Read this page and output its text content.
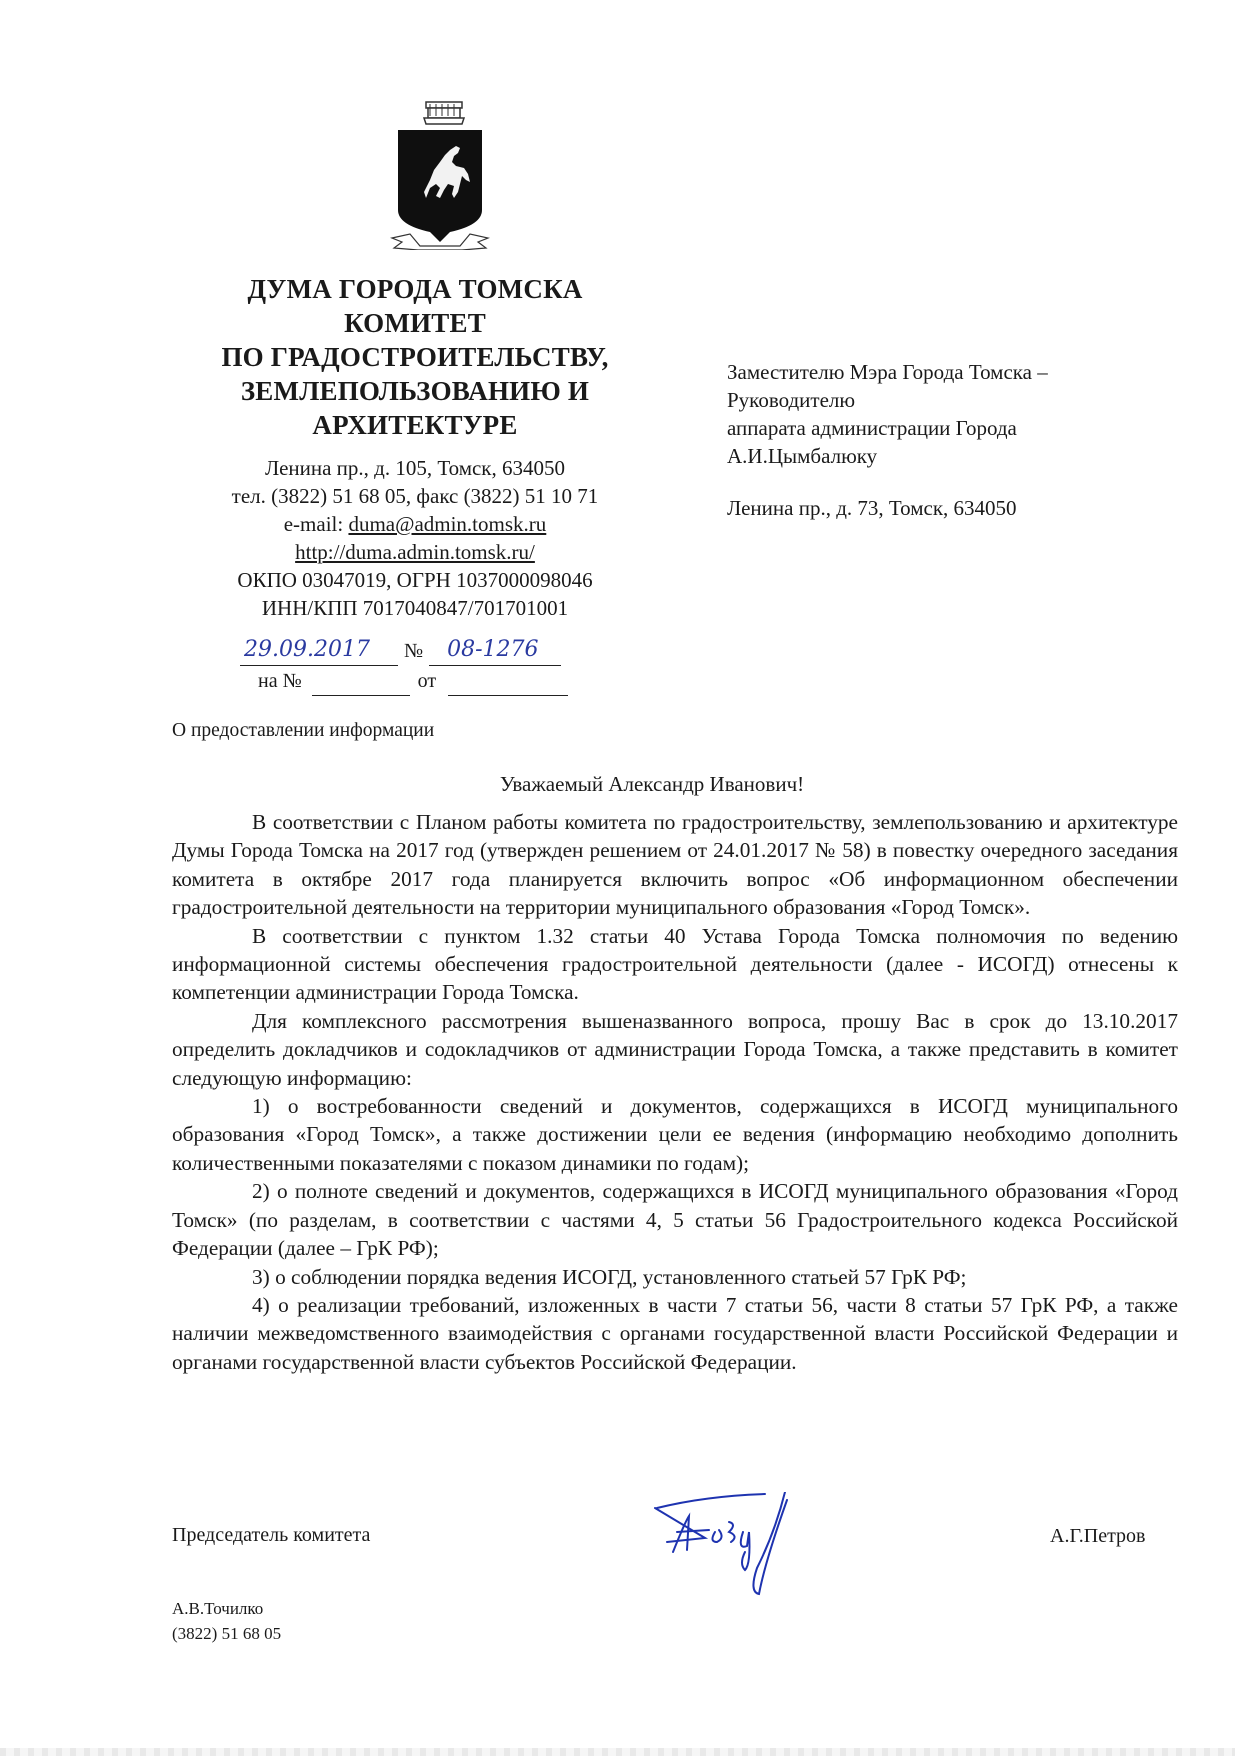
ДУМА ГОРОДА ТОМСКА
КОМИТЕТ
ПО ГРАДОСТРОИТЕЛЬСТВУ,
ЗЕМЛЕПОЛЬЗОВАНИЮ И
АРХИТЕКТУРЕ
Ленина пр., д. 105, Томск, 634050
тел. (3822) 51 68 05, факс (3822) 51 10 71
e-mail: duma@admin.tomsk.ru
http://duma.admin.tomsk.ru/
ОКПО 03047019, ОГРН 1037000098046
ИНН/КПП 7017040847/701701001
29.09.2017 № 08-1276
на №	от
Заместителю Мэра Города Томска –
Руководителю
аппарата администрации Города
А.И.Цымбалюку
Ленина пр., д. 73, Томск, 634050
О предоставлении информации
Уважаемый Александр Иванович!

В соответствии с Планом работы комитета по градостроительству, землепользованию и архитектуре Думы Города Томска на 2017 год (утвержден решением от 24.01.2017 № 58) в повестку очередного заседания комитета в октябре 2017 года планируется включить вопрос «Об информационном обеспечении градостроительной деятельности на территории муниципального образования «Город Томск».

В соответствии с пунктом 1.32 статьи 40 Устава Города Томска полномочия по ведению информационной системы обеспечения градостроительной деятельности (далее - ИСОГД) отнесены к компетенции администрации Города Томска.

Для комплексного рассмотрения вышеназванного вопроса, прошу Вас в срок до 13.10.2017 определить докладчиков и содокладчиков от администрации Города Томска, а также представить в комитет следующую информацию:

1) о востребованности сведений и документов, содержащихся в ИСОГД муниципального образования «Город Томск», а также достижении цели ее ведения (информацию необходимо дополнить количественными показателями с показом динамики по годам);

2) о полноте сведений и документов, содержащихся в ИСОГД муниципального образования «Город Томск» (по разделам, в соответствии с частями 4, 5 статьи 56 Градостроительного кодекса Российской Федерации (далее – ГрК РФ);

3) о соблюдении порядка ведения ИСОГД, установленного статьей 57 ГрК РФ;

4) о реализации требований, изложенных в части 7 статьи 56, части 8 статьи 57 ГрК РФ, а также наличии межведомственного взаимодействия с органами государственной власти Российской Федерации и органами государственной власти субъектов Российской Федерации.

Председатель комитета	А.Г.Петров
А.В.Точилко
(3822) 51 68 05
